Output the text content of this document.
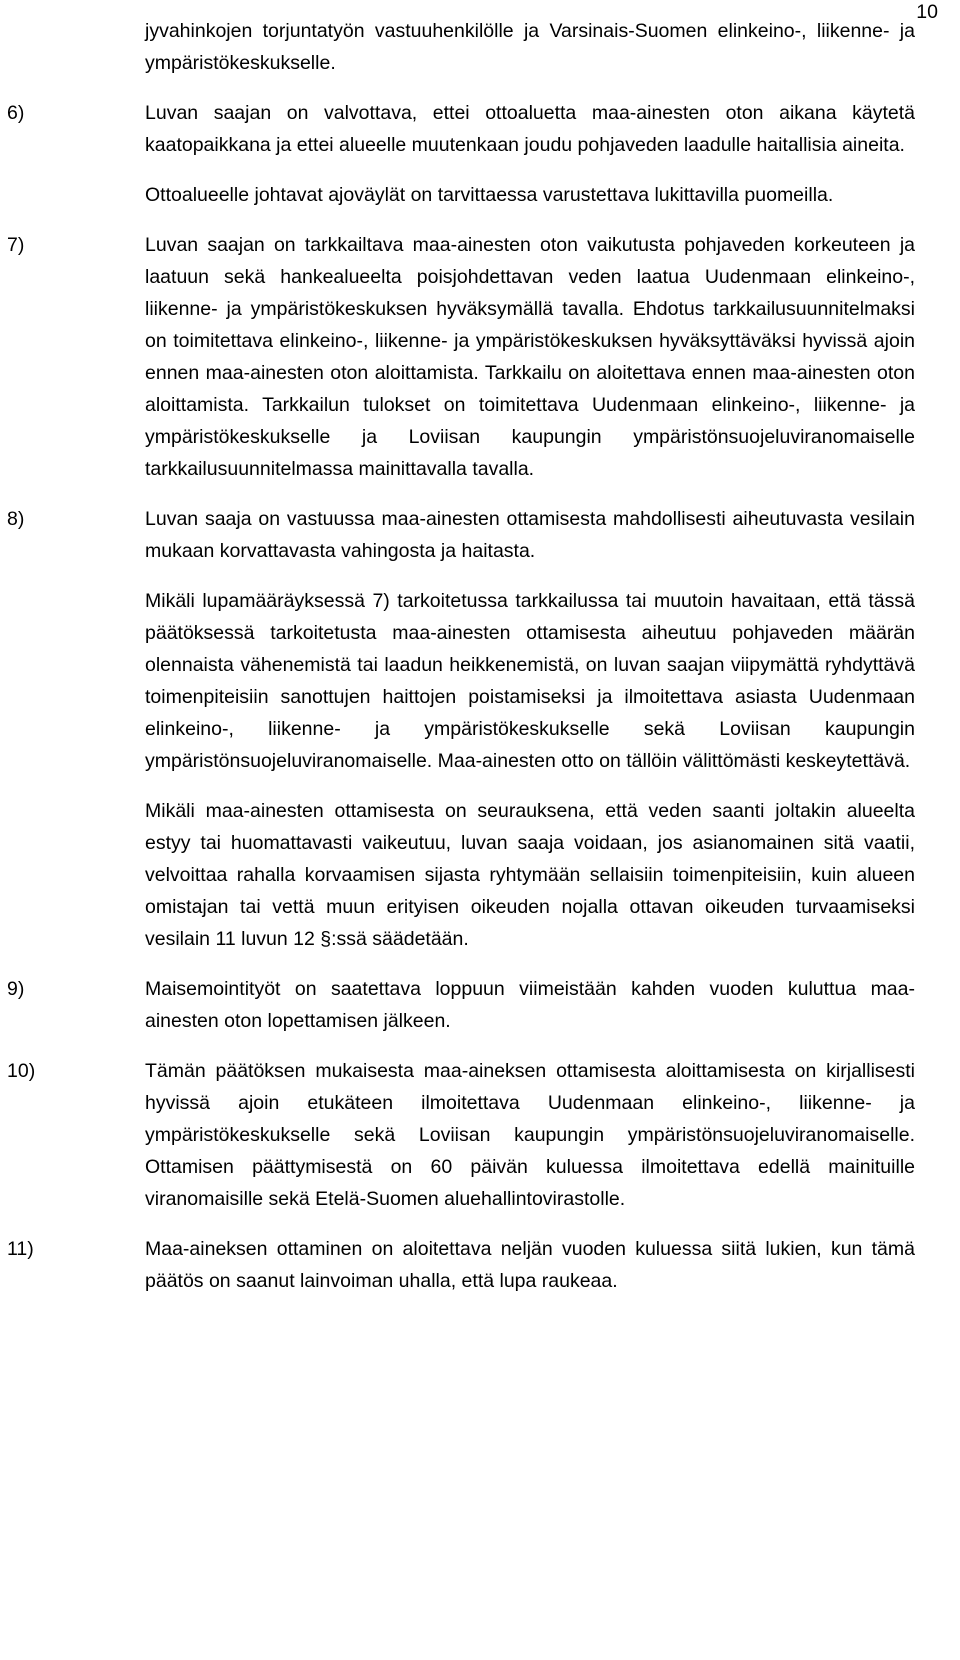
10

jyvahinkojen torjuntatyön vastuuhenkilölle ja Varsinais-Suomen elinkeino-, liikenne- ja ympäristökeskukselle.

6)	Luvan saajan on valvottava, ettei ottoaluetta maa-ainesten oton aikana käytetä kaatopaikkana ja ettei alueelle muutenkaan joudu pohjaveden laadulle haitallisia aineita.

Ottoalueelle johtavat ajoväylät on tarvittaessa varustettava lukittavilla puomeilla.

7)	Luvan saajan on tarkkailtava maa-ainesten oton vaikutusta pohjaveden korkeuteen ja laatuun sekä hankealueelta poisjohdettavan veden laatua Uudenmaan elinkeino-, liikenne- ja ympäristökeskuksen hyväksymällä tavalla. Ehdotus tarkkailusuunnitelmaksi on toimitettava elinkeino-, liikenne- ja ympäristökeskuksen hyväksyttäväksi hyvissä ajoin ennen maa-ainesten oton aloittamista. Tarkkailu on aloitettava ennen maa-ainesten oton aloittamista. Tarkkailun tulokset on toimitettava Uudenmaan elinkeino-, liikenne- ja ympäristökeskukselle ja Loviisan kaupungin ympäristönsuojeluviranomaiselle tarkkailusuunnitelmassa mainittavalla tavalla.

8)	Luvan saaja on vastuussa maa-ainesten ottamisesta mahdollisesti aiheutuvasta vesilain mukaan korvattavasta vahingosta ja haitasta.

Mikäli lupamääräyksessä 7) tarkoitetussa tarkkailussa tai muutoin havaitaan, että tässä päätöksessä tarkoitetusta maa-ainesten ottamisesta aiheutuu pohjaveden määrän olennaista vähenemistä tai laadun heikkenemistä, on luvan saajan viipymättä ryhdyttävä toimenpiteisiin sanottujen haittojen poistamiseksi ja ilmoitettava asiasta Uudenmaan elinkeino-, liikenne- ja ympäristökeskukselle sekä Loviisan kaupungin ympäristönsuojeluviranomaiselle. Maa-ainesten otto on tällöin välittömästi keskeytettävä.

Mikäli maa-ainesten ottamisesta on seurauksena, että veden saanti joltakin alueelta estyy tai huomattavasti vaikeutuu, luvan saaja voidaan, jos asianomainen sitä vaatii, velvoittaa rahalla korvaamisen sijasta ryhtymään sellaisiin toimenpiteisiin, kuin alueen omistajan tai vettä muun erityisen oikeuden nojalla ottavan oikeuden turvaamiseksi vesilain 11 luvun 12 §:ssä säädetään.

9)	Maisemointityöt on saatettava loppuun viimeistään kahden vuoden kuluttua maa-ainesten oton lopettamisen jälkeen.

10)	Tämän päätöksen mukaisesta maa-aineksen ottamisesta aloittamisesta on kirjallisesti hyvissä ajoin etukäteen ilmoitettava Uudenmaan elinkeino-, liikenne- ja ympäristökeskukselle sekä Loviisan kaupungin ympäristönsuojeluviranomaiselle. Ottamisen päättymisestä on 60 päivän kuluessa ilmoitettava edellä mainituille viranomaisille sekä Etelä-Suomen aluehallintovirastolle.

11)	Maa-aineksen ottaminen on aloitettava neljän vuoden kuluessa siitä lukien, kun tämä päätös on saanut lainvoiman uhalla, että lupa raukeaa.
